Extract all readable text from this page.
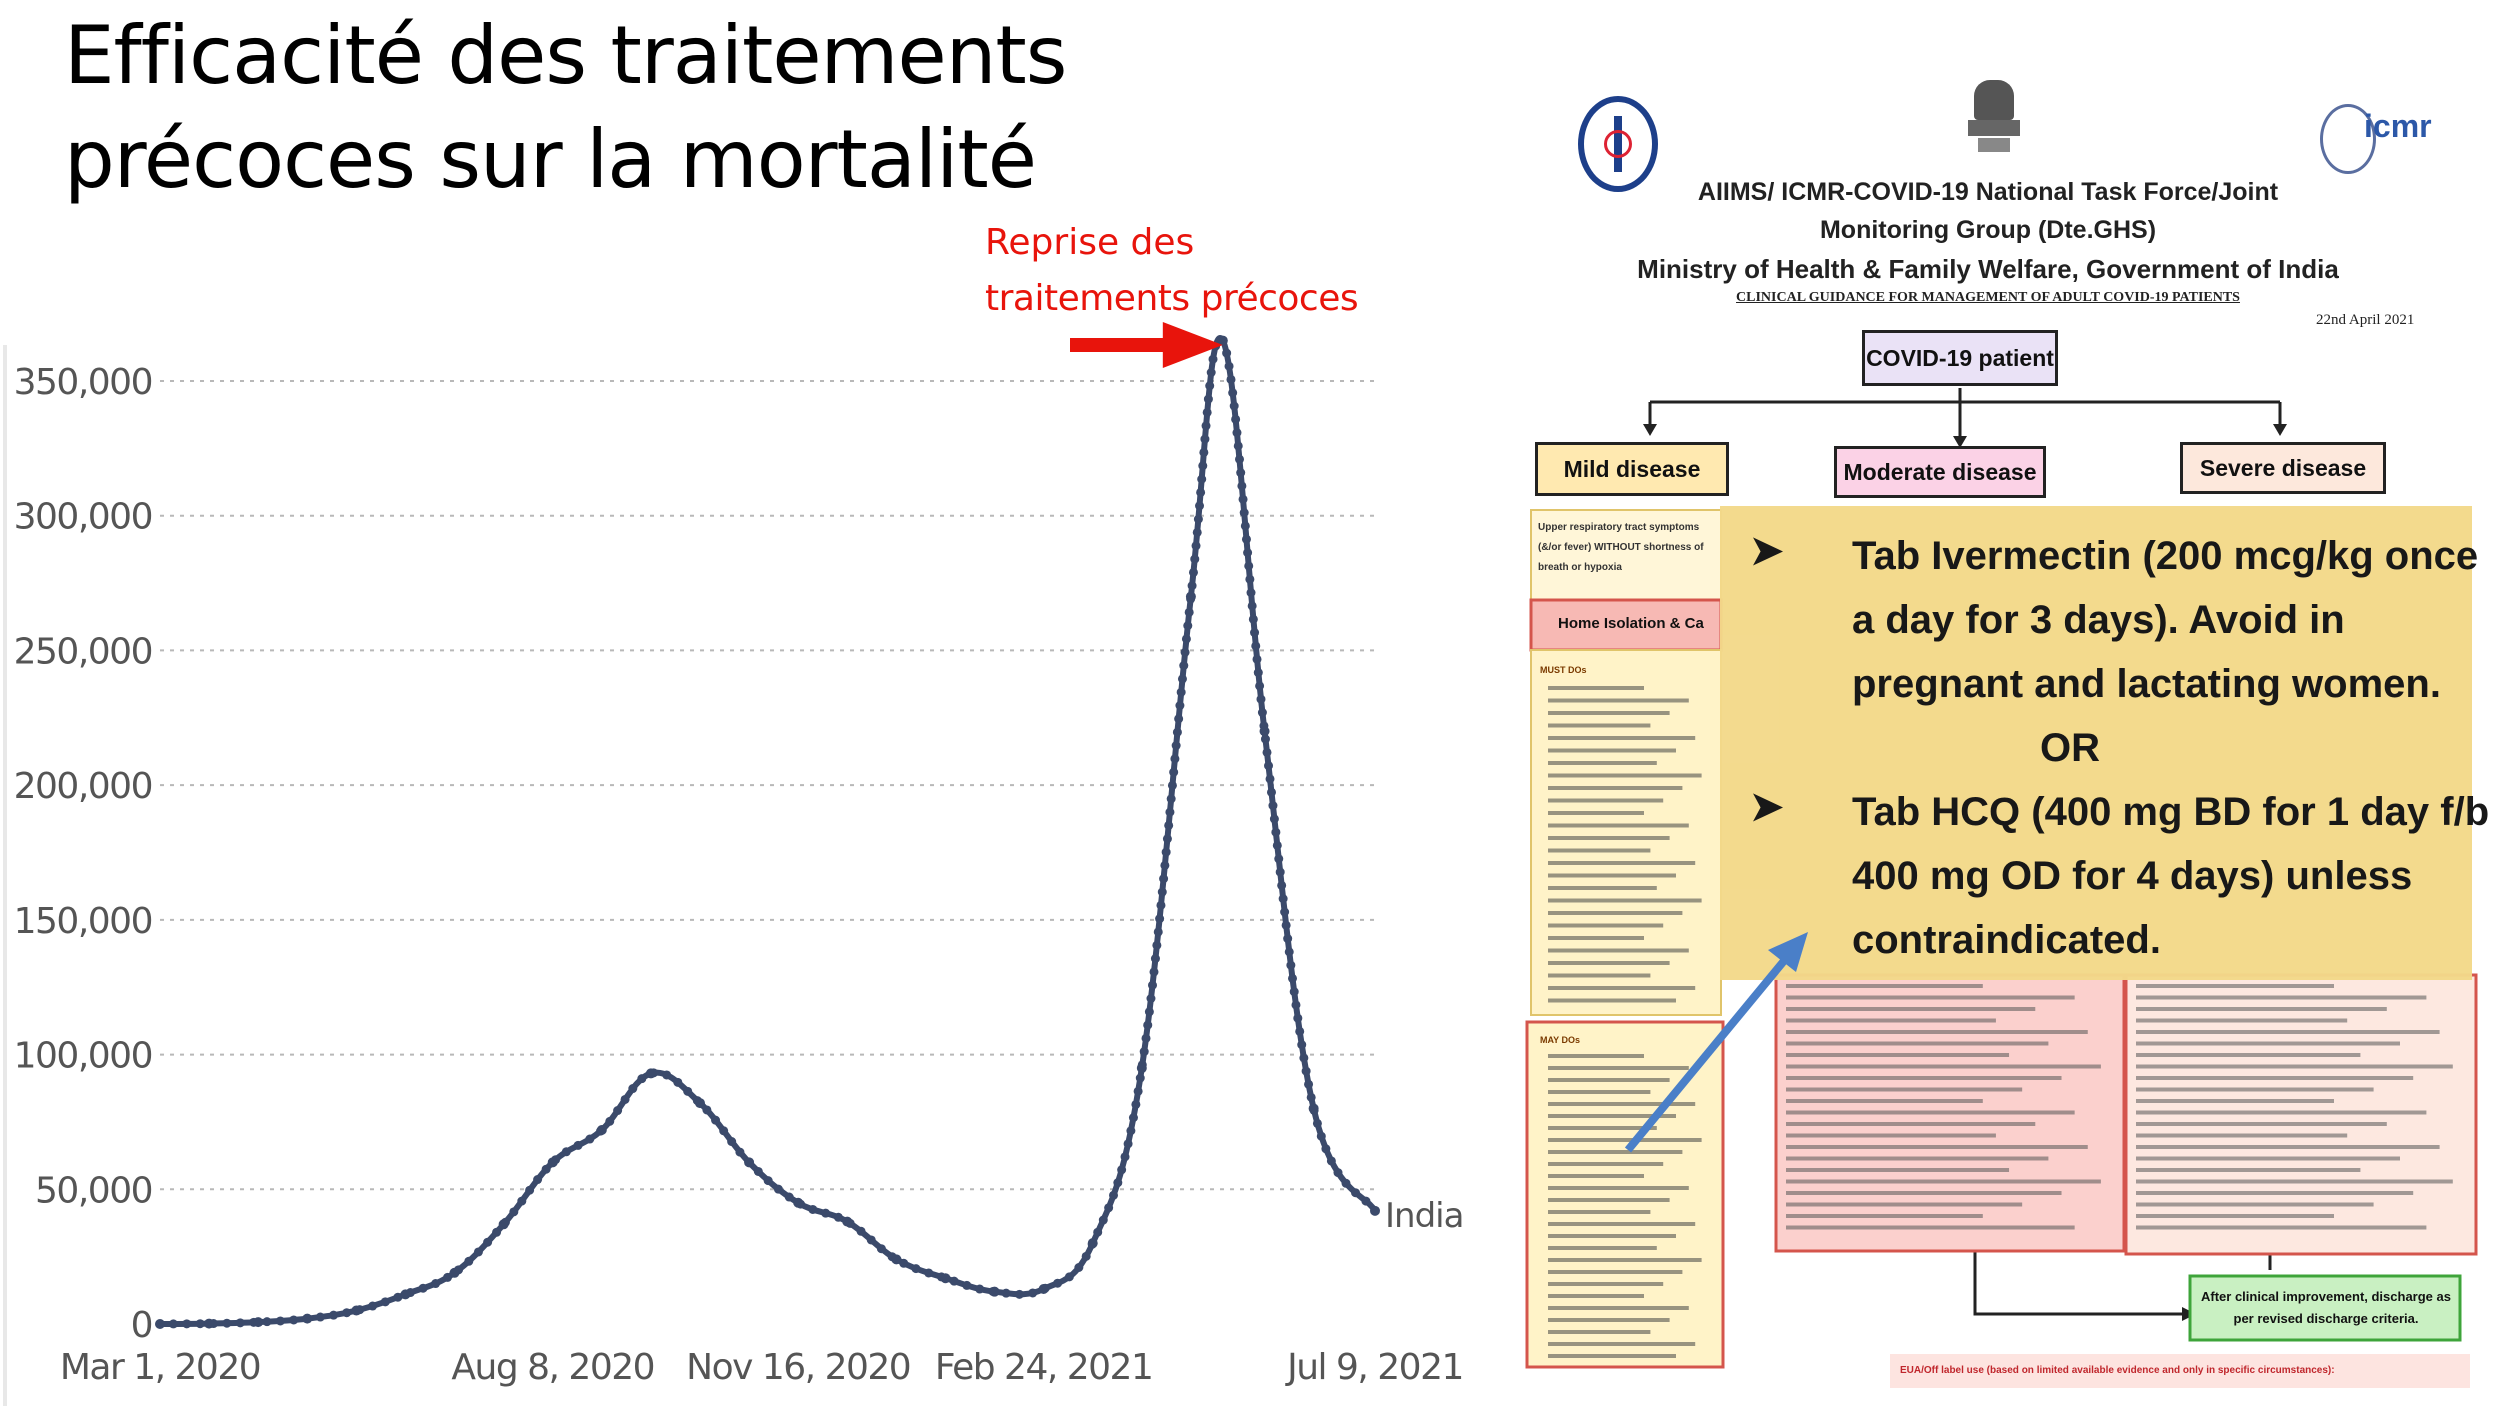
Efficacité des traitements
précoces sur la mortalité
Reprise des
traitements précoces
0
50,000
100,000
150,000
200,000
250,000
300,000
350,000
Mar 1, 2020	Aug 8, 2020 Nov 16, 2020 Feb 24, 2021	Jul 9, 2021
India
icmr
AIIMS/ ICMR-COVID-19 National Task Force/Joint
Monitoring Group (Dte.GHS)
Ministry of Health & Family Welfare, Government of India
CLINICAL GUIDANCE FOR MANAGEMENT OF ADULT COVID-19 PATIENTS
22nd April 2021
COVID-19 patient
Mild disease	Moderate disease	Severe disease
Upper respiratory tract symptoms (&/or fever) WITHOUT shortness of breath or hypoxia
Home Isolation & Ca
MUST DOs
MAY DOs
After clinical improvement, discharge as per revised discharge criteria.
EUA/Off label use (based on limited available evidence and only in specific circumstances):
➤ Tab Ivermectin (200 mcg/kg once
a day for 3 days). Avoid in
pregnant and lactating women.
OR
➤ Tab HCQ (400 mg BD for 1 day f/b
400 mg OD for 4 days) unless
contraindicated.
